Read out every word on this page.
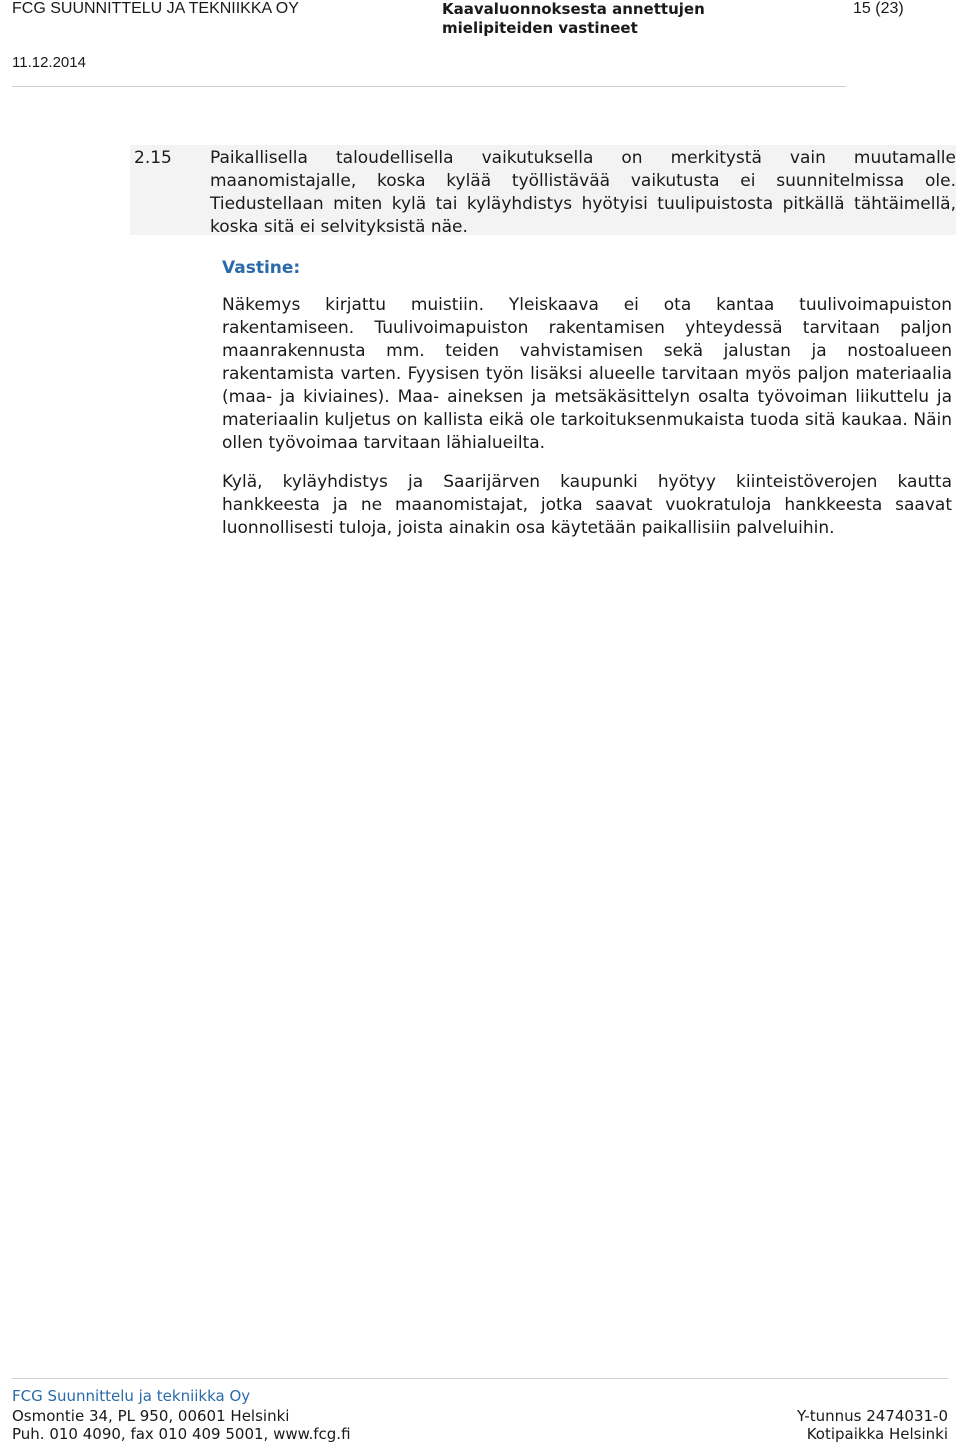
FCG SUUNNITTELU JA TEKNIIKKA OY	Kaavaluonnoksesta annettujen
mielipiteiden vastineet
15 (23)
11.12.2014
2.15 Paikallisella taloudellisella vaikutuksella on merkitystä vain muutamalle maanomistajalle, koska kylää työllistävää vaikutusta ei suunnitelmissa ole. Tiedustellaan miten kylä tai kyläyhdistys hyötyisi tuulipuistosta pitkällä tähtäimellä, koska sitä ei selvityksistä näe.

Vastine:

Näkemys kirjattu muistiin. Yleiskaava ei ota kantaa tuulivoimapuiston rakentamiseen. Tuulivoimapuiston rakentamisen yhteydessä tarvitaan paljon maanrakennusta mm. teiden vahvistamisen sekä jalustan ja nostoalueen rakentamista varten. Fyysisen työn lisäksi alueelle tarvitaan myös paljon materiaalia (maa- ja kiviaines). Maa- aineksen ja metsäkäsittelyn osalta työvoiman liikuttelu ja materiaalin kuljetus on kallista eikä ole tarkoituksenmukaista tuoda sitä kaukaa. Näin ollen työvoimaa tarvitaan lähialueilta.

Kylä, kyläyhdistys ja Saarijärven kaupunki hyötyy kiinteistöverojen kautta hankkeesta ja ne maanomistajat, jotka saavat vuokratuloja hankkeesta saavat luonnollisesti tuloja, joista ainakin osa käytetään paikallisiin palveluihin.

FCG Suunnittelu ja tekniikka Oy
Osmontie 34, PL 950, 00601 Helsinki
Puh. 010 4090, fax 010 409 5001, www.fcg.fi
Y-tunnus 2474031-0
Kotipaikka Helsinki
